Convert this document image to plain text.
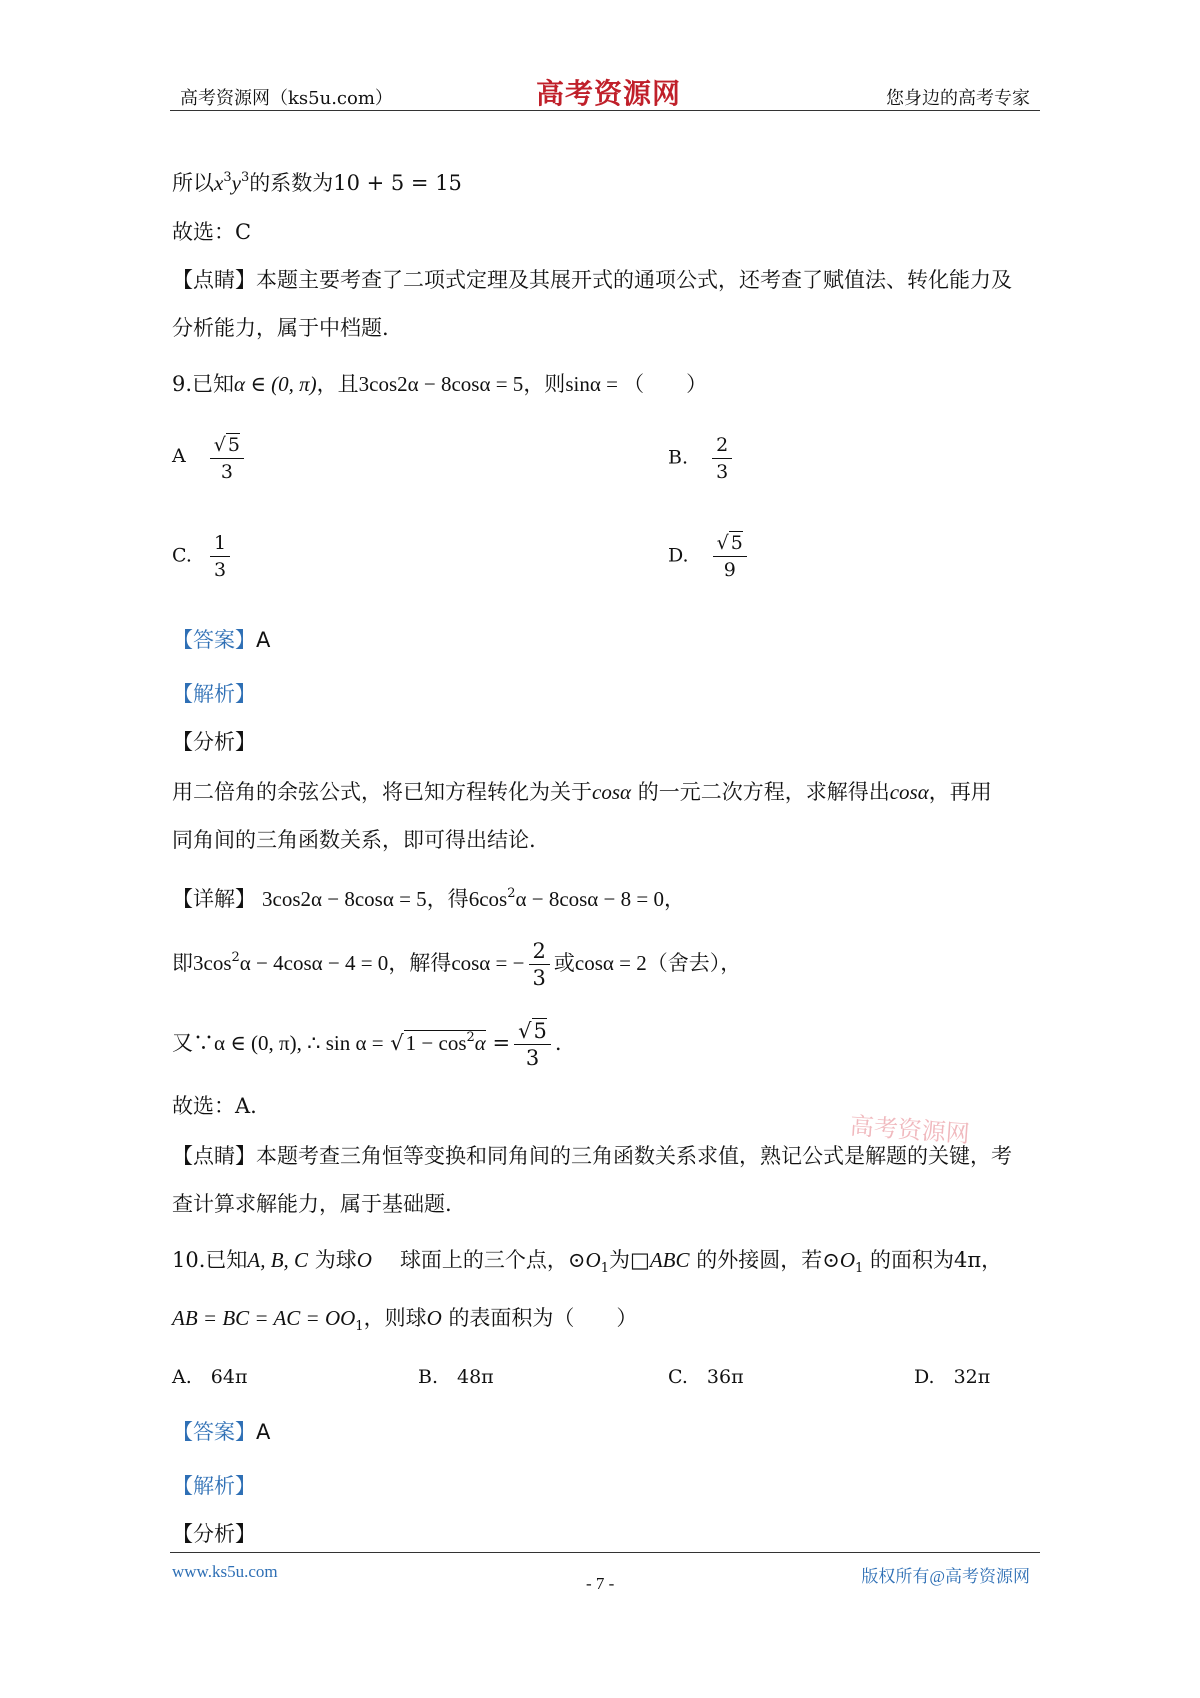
高考资源网（ks5u.com）	高考资源网	您身边的高考专家
所以$x^3y^3$的系数为10 + 5 = 15
故选：C
【点睛】本题主要考查了二项式定理及其展开式的通项公式，还考查了赋值法、转化能力及
分析能力，属于中档题.
9.已知α ∈ (0, π)，且3cos2α − 8cosα = 5，则sinα = （　　）
A $\frac{√ 5}{3}$	B. $\frac{2}{3}$
C. $\frac{1}{3}$	D. $\frac{√ 5}{9}$
【答案】A
【解析】
【分析】
用二倍角的余弦公式，将已知方程转化为关于cosα 的一元二次方程，求解得出cosα，再用
同角间的三角函数关系，即可得出结论.
【详解】 3cos2α − 8cosα = 5，得$6\cos^2\alpha - 8\cos\alpha - 8 = 0$，
即$3\cos^2\alpha - 4\cos\alpha - 4 = 0$，解得cosα = − $\frac{2}{3}$ 或cosα = 2（舍去），
又∵α ∈ (0, π), ∴ $\sin \alpha = √1 - \cos^2\alpha = \frac{√5}{3}$ .
故选：A.
【点睛】本题考查三角恒等变换和同角间的三角函数关系求值，熟记公式是解题的关键，考
查计算求解能力，属于基础题.
高考资源网
10.已知A, B, C 为球O 球面上的三个点，$⊙O_1$为□ABC 的外接圆，若$⊙O_1$ 的面积为4π，
AB = BC = AC = $OO_1$，则球O 的表面积为（　　）
A.　64π	B.　48π	C.　36π	D.　32π
【答案】A
【解析】
【分析】
www.ks5u.com
- 7 -	版权所有@高考资源网
